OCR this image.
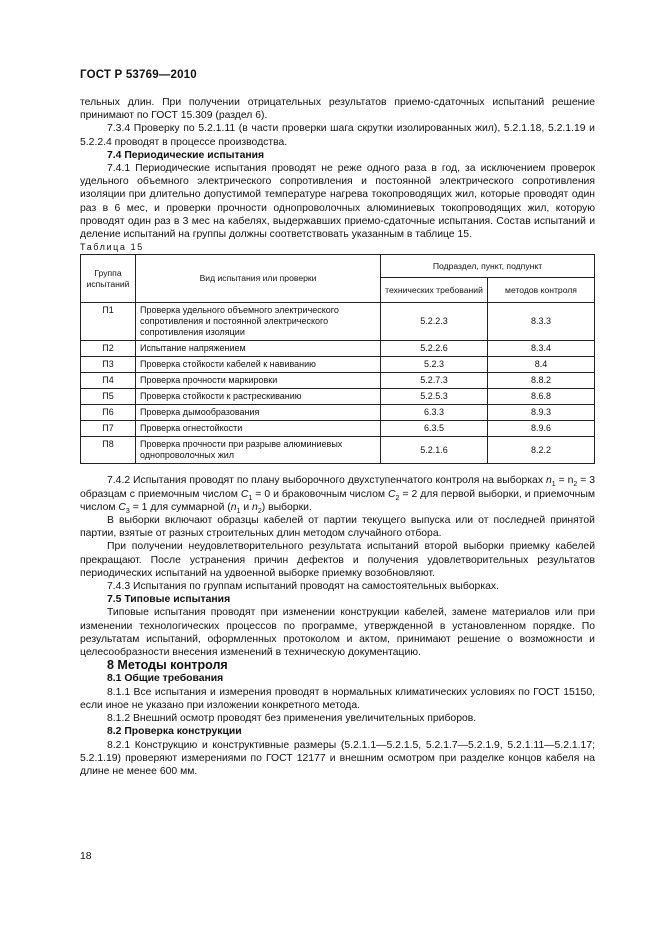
ГОСТ Р 53769—2010

тельных длин. При получении отрицательных результатов приемо-сдаточных испытаний решение принимают по ГОСТ 15.309 (раздел 6).

7.3.4 Проверку по 5.2.1.11 (в части проверки шага скрутки изолированных жил), 5.2.1.18, 5.2.1.19 и 5.2.2.4 проводят в процессе производства.

7.4 Периодические испытания

7.4.1 Периодические испытания проводят не реже одного раза в год, за исключением проверок удельного объемного электрического сопротивления и постоянной электрического сопротивления изоляции при длительно допустимой температуре нагрева токопроводящих жил, которые проводят один раз в 6 мес, и проверки прочности однопроволочных алюминиевых токопроводящих жил, которую проводят один раз в 3 мес на кабелях, выдержавших приемо-сдаточные испытания. Состав испытаний и деление испытаний на группы должны соответствовать указанным в таблице 15.

Таблица 15

Группа испытаний	Вид испытания или проверки	Подраздел, пункт, подпункт	
		технических требований	методов контроля
П1	Проверка удельного объемного электрического сопротивления и постоянной электрического сопротивления изоляции	5.2.2.3	8.3.3
П2	Испытание напряжением	5.2.2.6	8.3.4
П3	Проверка стойкости кабелей к навиванию	5.2.3	8.4
П4	Проверка прочности маркировки	5.2.7.3	8.8.2
П5	Проверка стойкости к растрескиванию	5.2.5.3	8.6.8
П6	Проверка дымообразования	6.3.3	8.9.3
П7	Проверка огнестойкости	6.3.5	8.9.6
П8	Проверка прочности при разрыве алюминиевых однопроволочных жил	5.2.1.6	8.2.2

7.4.2 Испытания проводят по плану выборочного двухступенчатого контроля на выборках $n_1 = n_2 = 3$ образцам с приемочным числом $C_1 = 0$ и браковочным числом $C_2 = 2$ для первой выборки, и приемочным числом $C_3 = 1$ для суммарной ($n_1$ и $n_2$) выборки.

В выборки включают образцы кабелей от партии текущего выпуска или от последней принятой партии, взятые от разных строительных длин методом случайного отбора.

При получении неудовлетворительного результата испытаний второй выборки приемку кабелей прекращают. После устранения причин дефектов и получения удовлетворительных результатов периодических испытаний на удвоенной выборке приемку возобновляют.

7.4.3 Испытания по группам испытаний проводят на самостоятельных выборках.

7.5 Типовые испытания

Типовые испытания проводят при изменении конструкции кабелей, замене материалов или при изменении технологических процессов по программе, утвержденной в установленном порядке. По результатам испытаний, оформленных протоколом и актом, принимают решение о возможности и целесообразности внесения изменений в техническую документацию.

8 Методы контроля

8.1 Общие требования

8.1.1 Все испытания и измерения проводят в нормальных климатических условиях по ГОСТ 15150, если иное не указано при изложении конкретного метода.

8.1.2 Внешний осмотр проводят без применения увеличительных приборов.

8.2 Проверка конструкции

8.2.1 Конструкцию и конструктивные размеры (5.2.1.1—5.2.1.5, 5.2.1.7—5.2.1.9, 5.2.1.11—5.2.1.17; 5.2.1.19) проверяют измерениями по ГОСТ 12177 и внешним осмотром при разделке концов кабеля на длине не менее 600 мм.

18
